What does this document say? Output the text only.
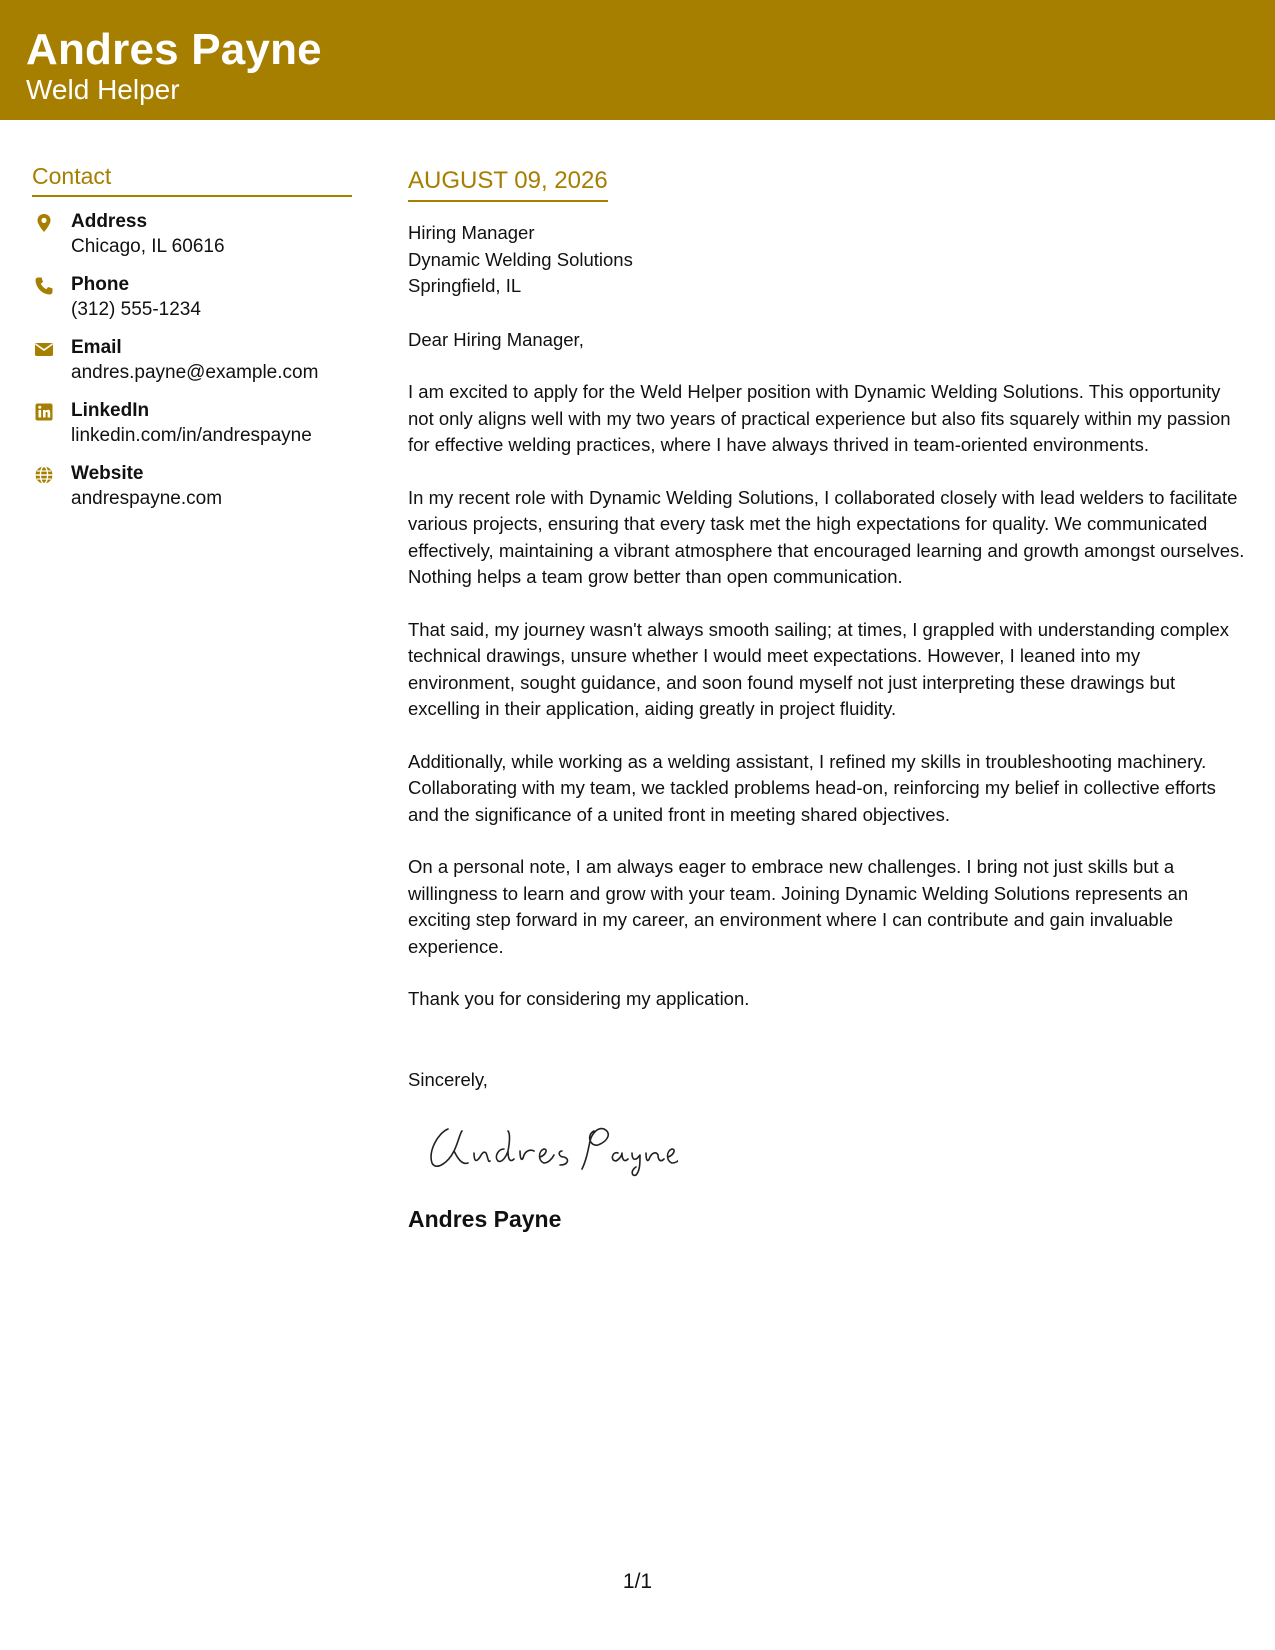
Andres Payne
Weld Helper
Contact
Address
Chicago, IL 60616
Phone
(312) 555-1234
Email
andres.payne@example.com
LinkedIn
linkedin.com/in/andrespayne
Website
andrespayne.com
AUGUST 09, 2026
Hiring Manager
Dynamic Welding Solutions
Springfield, IL
Dear Hiring Manager,
I am excited to apply for the Weld Helper position with Dynamic Welding Solutions. This opportunity not only aligns well with my two years of practical experience but also fits squarely within my passion for effective welding practices, where I have always thrived in team-oriented environments.
In my recent role with Dynamic Welding Solutions, I collaborated closely with lead welders to facilitate various projects, ensuring that every task met the high expectations for quality. We communicated effectively, maintaining a vibrant atmosphere that encouraged learning and growth amongst ourselves. Nothing helps a team grow better than open communication.
That said, my journey wasn't always smooth sailing; at times, I grappled with understanding complex technical drawings, unsure whether I would meet expectations. However, I leaned into my environment, sought guidance, and soon found myself not just interpreting these drawings but excelling in their application, aiding greatly in project fluidity.
Additionally, while working as a welding assistant, I refined my skills in troubleshooting machinery. Collaborating with my team, we tackled problems head-on, reinforcing my belief in collective efforts and the significance of a united front in meeting shared objectives.
On a personal note, I am always eager to embrace new challenges. I bring not just skills but a willingness to learn and grow with your team. Joining Dynamic Welding Solutions represents an exciting step forward in my career, an environment where I can contribute and gain invaluable experience.
Thank you for considering my application.
Sincerely,
Andres Payne
1/1
